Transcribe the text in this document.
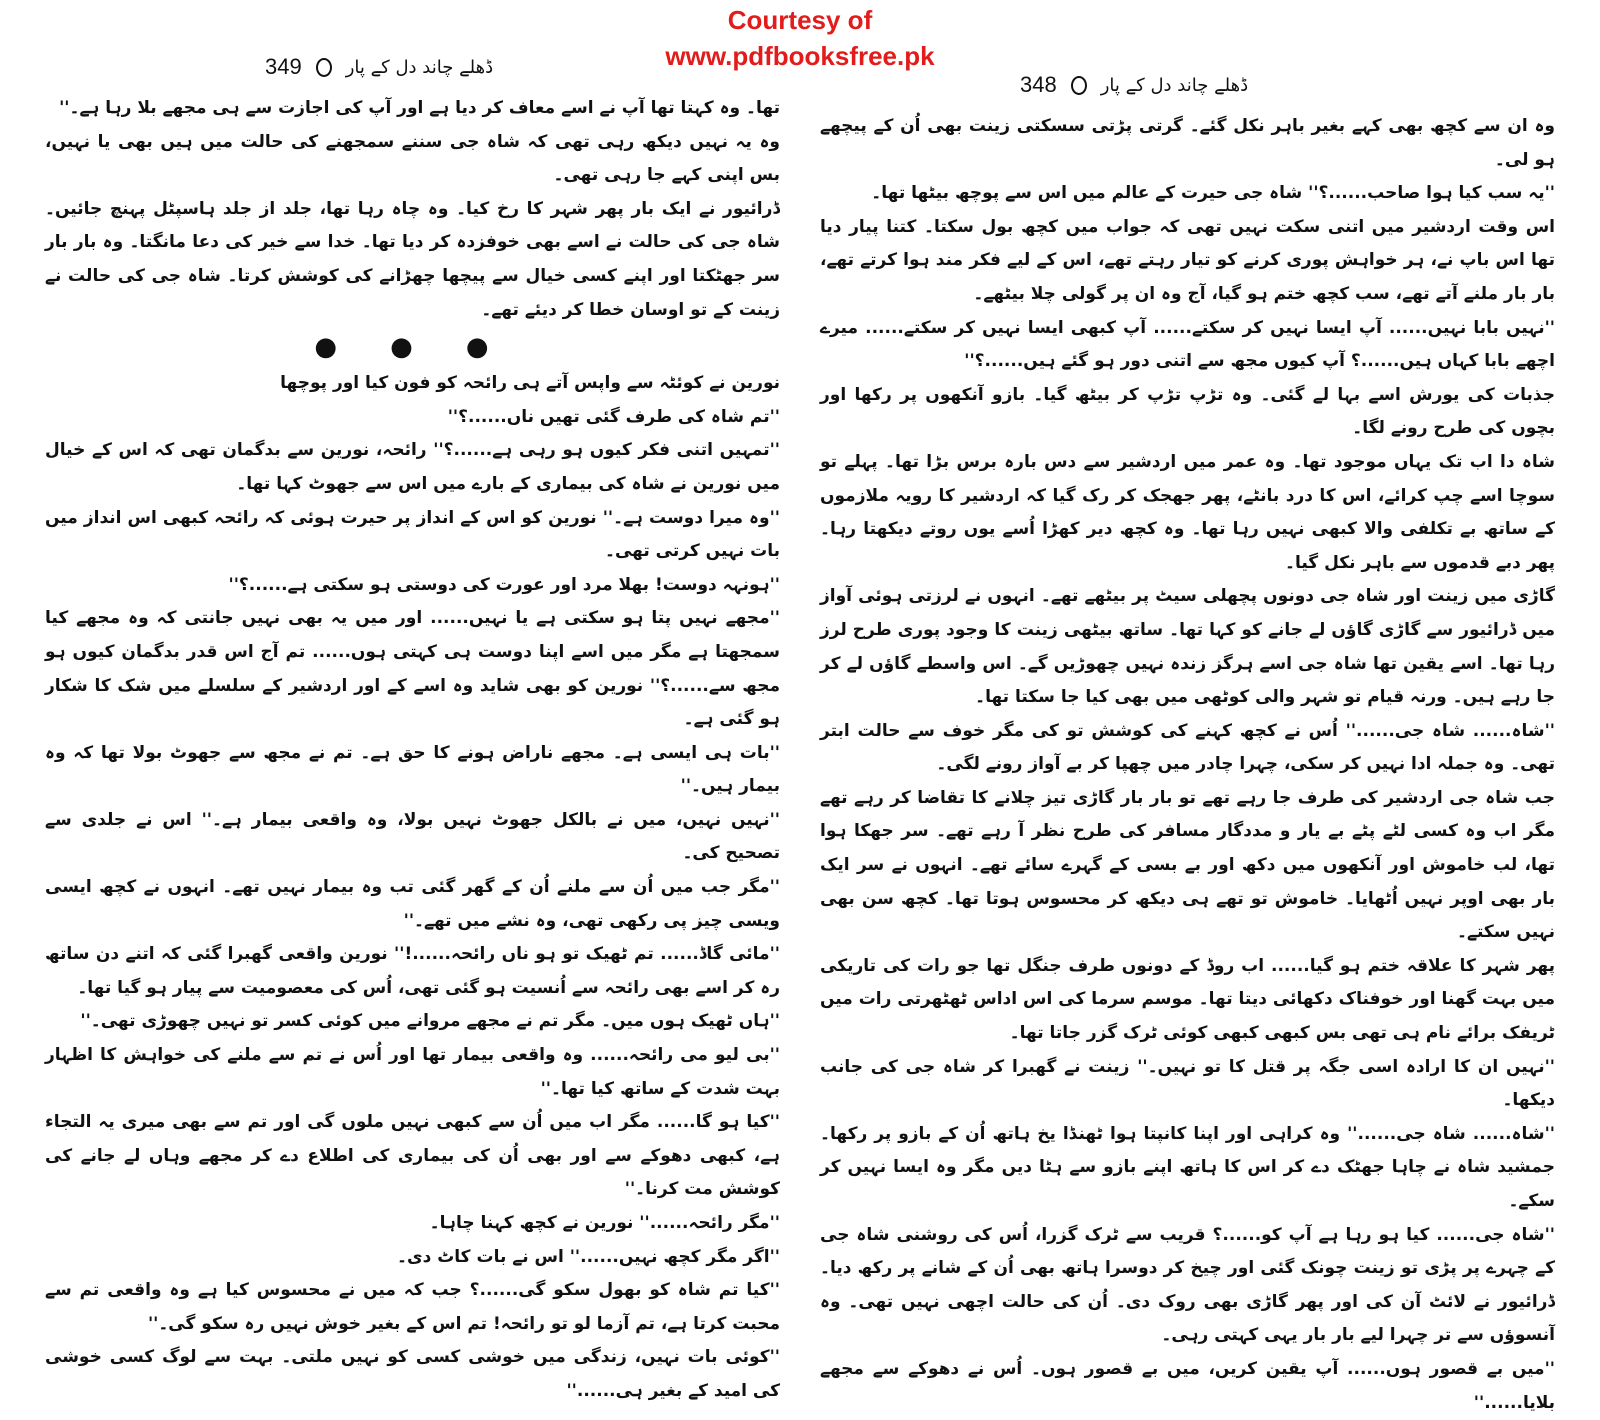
Courtesy of
www.pdfbooksfree.pk
349 ڈھلے چاند دل کے پار

تھا۔ وہ کہتا تھا آپ نے اسے معاف کر دیا ہے اور آپ کی اجازت سے ہی مجھے بلا رہا ہے۔''

وہ یہ نہیں دیکھ رہی تھی کہ شاہ جی سننے سمجھنے کی حالت میں ہیں بھی یا نہیں، بس اپنی کہے جا رہی تھی۔

ڈرائیور نے ایک بار پھر شہر کا رخ کیا۔ وہ چاہ رہا تھا، جلد از جلد ہاسپٹل پہنچ جائیں۔ شاہ جی کی حالت نے اسے بھی خوفزدہ کر دیا تھا۔ خدا سے خیر کی دعا مانگتا۔ وہ بار بار سر جھٹکتا اور اپنے کسی خیال سے پیچھا چھڑانے کی کوشش کرتا۔ شاہ جی کی حالت نے زینت کے تو اوسان خطا کر دیئے تھے۔

● ● ●

نورین نے کوئٹہ سے واپس آتے ہی رائحہ کو فون کیا اور پوچھا

''تم شاہ کی طرف گئی تھیں ناں......؟''

''تمہیں اتنی فکر کیوں ہو رہی ہے......؟'' رائحہ، نورین سے بدگمان تھی کہ اس کے خیال میں نورین نے شاہ کی بیماری کے بارے میں اس سے جھوٹ کہا تھا۔

''وہ میرا دوست ہے۔'' نورین کو اس کے انداز پر حیرت ہوئی کہ رائحہ کبھی اس انداز میں بات نہیں کرتی تھی۔

''ہونہہ دوست! بھلا مرد اور عورت کی دوستی ہو سکتی ہے......؟''

''مجھے نہیں پتا ہو سکتی ہے یا نہیں...... اور میں یہ بھی نہیں جانتی کہ وہ مجھے کیا سمجھتا ہے مگر میں اسے اپنا دوست ہی کہتی ہوں...... تم آج اس قدر بدگمان کیوں ہو مجھ سے......؟'' نورین کو بھی شاید وہ اسے کے اور اردشیر کے سلسلے میں شک کا شکار ہو گئی ہے۔

''بات ہی ایسی ہے۔ مجھے ناراض ہونے کا حق ہے۔ تم نے مجھ سے جھوٹ بولا تھا کہ وہ بیمار ہیں۔''

''نہیں نہیں، میں نے بالکل جھوٹ نہیں بولا، وہ واقعی بیمار ہے۔'' اس نے جلدی سے تصحیح کی۔

''مگر جب میں اُن سے ملنے اُن کے گھر گئی تب وہ بیمار نہیں تھے۔ انہوں نے کچھ ایسی ویسی چیز پی رکھی تھی، وہ نشے میں تھے۔''

''مائی گاڈ...... تم ٹھیک تو ہو ناں رائحہ......!'' نورین واقعی گھبرا گئی کہ اتنے دن ساتھ رہ کر اسے بھی رائحہ سے اُنسیت ہو گئی تھی، اُس کی معصومیت سے پیار ہو گیا تھا۔

''ہاں ٹھیک ہوں میں۔ مگر تم نے مجھے مروانے میں کوئی کسر تو نہیں چھوڑی تھی۔''

''بی لیو می رائحہ...... وہ واقعی بیمار تھا اور اُس نے تم سے ملنے کی خواہش کا اظہار بہت شدت کے ساتھ کیا تھا۔''

''کیا ہو گا...... مگر اب میں اُن سے کبھی نہیں ملوں گی اور تم سے بھی میری یہ التجاء ہے، کبھی دھوکے سے اور بھی اُن کی بیماری کی اطلاع دے کر مجھے وہاں لے جانے کی کوشش مت کرنا۔''

''مگر رائحہ......'' نورین نے کچھ کہنا چاہا۔

''اگر مگر کچھ نہیں......'' اس نے بات کاٹ دی۔

''کیا تم شاہ کو بھول سکو گی......؟ جب کہ میں نے محسوس کیا ہے وہ واقعی تم سے محبت کرتا ہے، تم آزما لو تو رائحہ! تم اس کے بغیر خوش نہیں رہ سکو گی۔''

''کوئی بات نہیں، زندگی میں خوشی کسی کو نہیں ملتی۔ بہت سے لوگ کسی خوشی کی امید کے بغیر ہی......''

348 ڈھلے چاند دل کے پار

وہ ان سے کچھ بھی کہے بغیر باہر نکل گئے۔ گرتی پڑتی سسکتی زینت بھی اُن کے پیچھے ہو لی۔

''یہ سب کیا ہوا صاحب......؟'' شاہ جی حیرت کے عالم میں اس سے پوچھ بیٹھا تھا۔

اس وقت اردشیر میں اتنی سکت نہیں تھی کہ جواب میں کچھ بول سکتا۔ کتنا پیار دیا تھا اس باپ نے، ہر خواہش پوری کرنے کو تیار رہتے تھے، اس کے لیے فکر مند ہوا کرتے تھے، بار بار ملنے آتے تھے، سب کچھ ختم ہو گیا، آج وہ ان پر گولی چلا بیٹھے۔

''نہیں بابا نہیں...... آپ ایسا نہیں کر سکتے...... آپ کبھی ایسا نہیں کر سکتے...... میرے اچھے بابا کہاں ہیں......؟ آپ کیوں مجھ سے اتنی دور ہو گئے ہیں......؟''

جذبات کی یورش اسے بہا لے گئی۔ وہ تڑپ تڑپ کر بیٹھ گیا۔ بازو آنکھوں پر رکھا اور بچوں کی طرح رونے لگا۔

شاہ دا اب تک یہاں موجود تھا۔ وہ عمر میں اردشیر سے دس بارہ برس بڑا تھا۔ پہلے تو سوچا اسے چپ کرائے، اس کا درد بانٹے، پھر جھجک کر رک گیا کہ اردشیر کا رویہ ملازموں کے ساتھ بے تکلفی والا کبھی نہیں رہا تھا۔ وہ کچھ دیر کھڑا اُسے یوں روتے دیکھتا رہا۔ پھر دبے قدموں سے باہر نکل گیا۔

گاڑی میں زینت اور شاہ جی دونوں پچھلی سیٹ پر بیٹھے تھے۔ انہوں نے لرزتی ہوئی آواز میں ڈرائیور سے گاڑی گاؤں لے جانے کو کہا تھا۔ ساتھ بیٹھی زینت کا وجود پوری طرح لرز رہا تھا۔ اسے یقین تھا شاہ جی اسے ہرگز زندہ نہیں چھوڑیں گے۔ اس واسطے گاؤں لے کر جا رہے ہیں۔ ورنہ قیام تو شہر والی کوٹھی میں بھی کیا جا سکتا تھا۔

''شاہ...... شاہ جی......'' اُس نے کچھ کہنے کی کوشش تو کی مگر خوف سے حالت ابتر تھی۔ وہ جملہ ادا نہیں کر سکی، چہرا چادر میں چھپا کر بے آواز رونے لگی۔

جب شاہ جی اردشیر کی طرف جا رہے تھے تو بار بار گاڑی تیز چلانے کا تقاضا کر رہے تھے مگر اب وہ کسی لٹے پٹے بے یار و مددگار مسافر کی طرح نظر آ رہے تھے۔ سر جھکا ہوا تھا، لب خاموش اور آنکھوں میں دکھ اور بے بسی کے گہرے سائے تھے۔ انہوں نے سر ایک بار بھی اوپر نہیں اُٹھایا۔ خاموش تو تھے ہی دیکھ کر محسوس ہوتا تھا۔ کچھ سن بھی نہیں سکتے۔

پھر شہر کا علاقہ ختم ہو گیا...... اب روڈ کے دونوں طرف جنگل تھا جو رات کی تاریکی میں بہت گھنا اور خوفناک دکھائی دیتا تھا۔ موسم سرما کی اس اداس ٹھٹھرتی رات میں ٹریفک برائے نام ہی تھی بس کبھی کبھی کوئی ٹرک گزر جاتا تھا۔

''نہیں ان کا ارادہ اسی جگہ پر قتل کا تو نہیں۔'' زینت نے گھبرا کر شاہ جی کی جانب دیکھا۔

''شاہ...... شاہ جی......'' وہ کراہی اور اپنا کانپتا ہوا ٹھنڈا یخ ہاتھ اُن کے بازو پر رکھا۔ جمشید شاہ نے چاہا جھٹک دے کر اس کا ہاتھ اپنے بازو سے ہٹا دیں مگر وہ ایسا نہیں کر سکے۔

''شاہ جی...... کیا ہو رہا ہے آپ کو......؟ قریب سے ٹرک گزرا، اُس کی روشنی شاہ جی کے چہرے پر پڑی تو زینت چونک گئی اور چیخ کر دوسرا ہاتھ بھی اُن کے شانے پر رکھ دیا۔ ڈرائیور نے لائٹ آن کی اور پھر گاڑی بھی روک دی۔ اُن کی حالت اچھی نہیں تھی۔ وہ آنسوؤں سے تر چہرا لیے بار بار یہی کہتی رہی۔

''میں بے قصور ہوں...... آپ یقین کریں، میں بے قصور ہوں۔ اُس نے دھوکے سے مجھے بلایا......''
